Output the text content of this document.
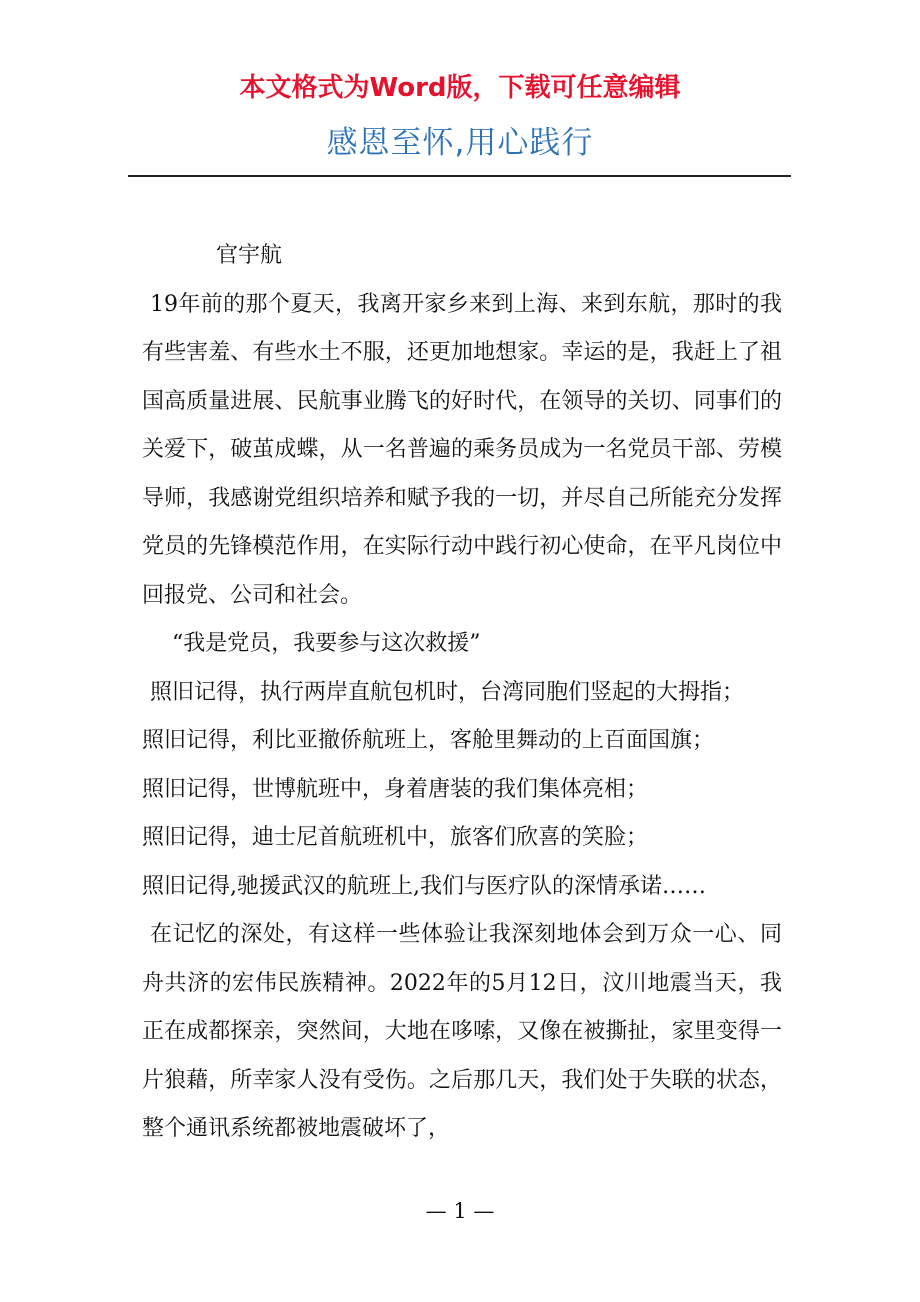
本文格式为Word版，下载可任意编辑
感恩至怀,用心践行

官宇航

19年前的那个夏天，我离开家乡来到上海、来到东航，那时的我有些害羞、有些水土不服，还更加地想家。幸运的是，我赶上了祖国高质量进展、民航事业腾飞的好时代，在领导的关切、同事们的关爱下，破茧成蝶，从一名普遍的乘务员成为一名党员干部、劳模导师，我感谢党组织培养和赋予我的一切，并尽自己所能充分发挥党员的先锋模范作用，在实际行动中践行初心使命，在平凡岗位中回报党、公司和社会。

“我是党员，我要参与这次救援”

照旧记得，执行两岸直航包机时，台湾同胞们竖起的大拇指；

照旧记得，利比亚撤侨航班上，客舱里舞动的上百面国旗；

照旧记得，世博航班中，身着唐装的我们集体亮相；

照旧记得，迪士尼首航班机中，旅客们欣喜的笑脸；

照旧记得,驰援武汉的航班上,我们与医疗队的深情承诺……

在记忆的深处，有这样一些体验让我深刻地体会到万众一心、同舟共济的宏伟民族精神。2022年的5月12日，汶川地震当天，我正在成都探亲，突然间，大地在哆嗦，又像在被撕扯，家里变得一片狼藉，所幸家人没有受伤。之后那几天，我们处于失联的状态，整个通讯系统都被地震破坏了，

— 1 —
